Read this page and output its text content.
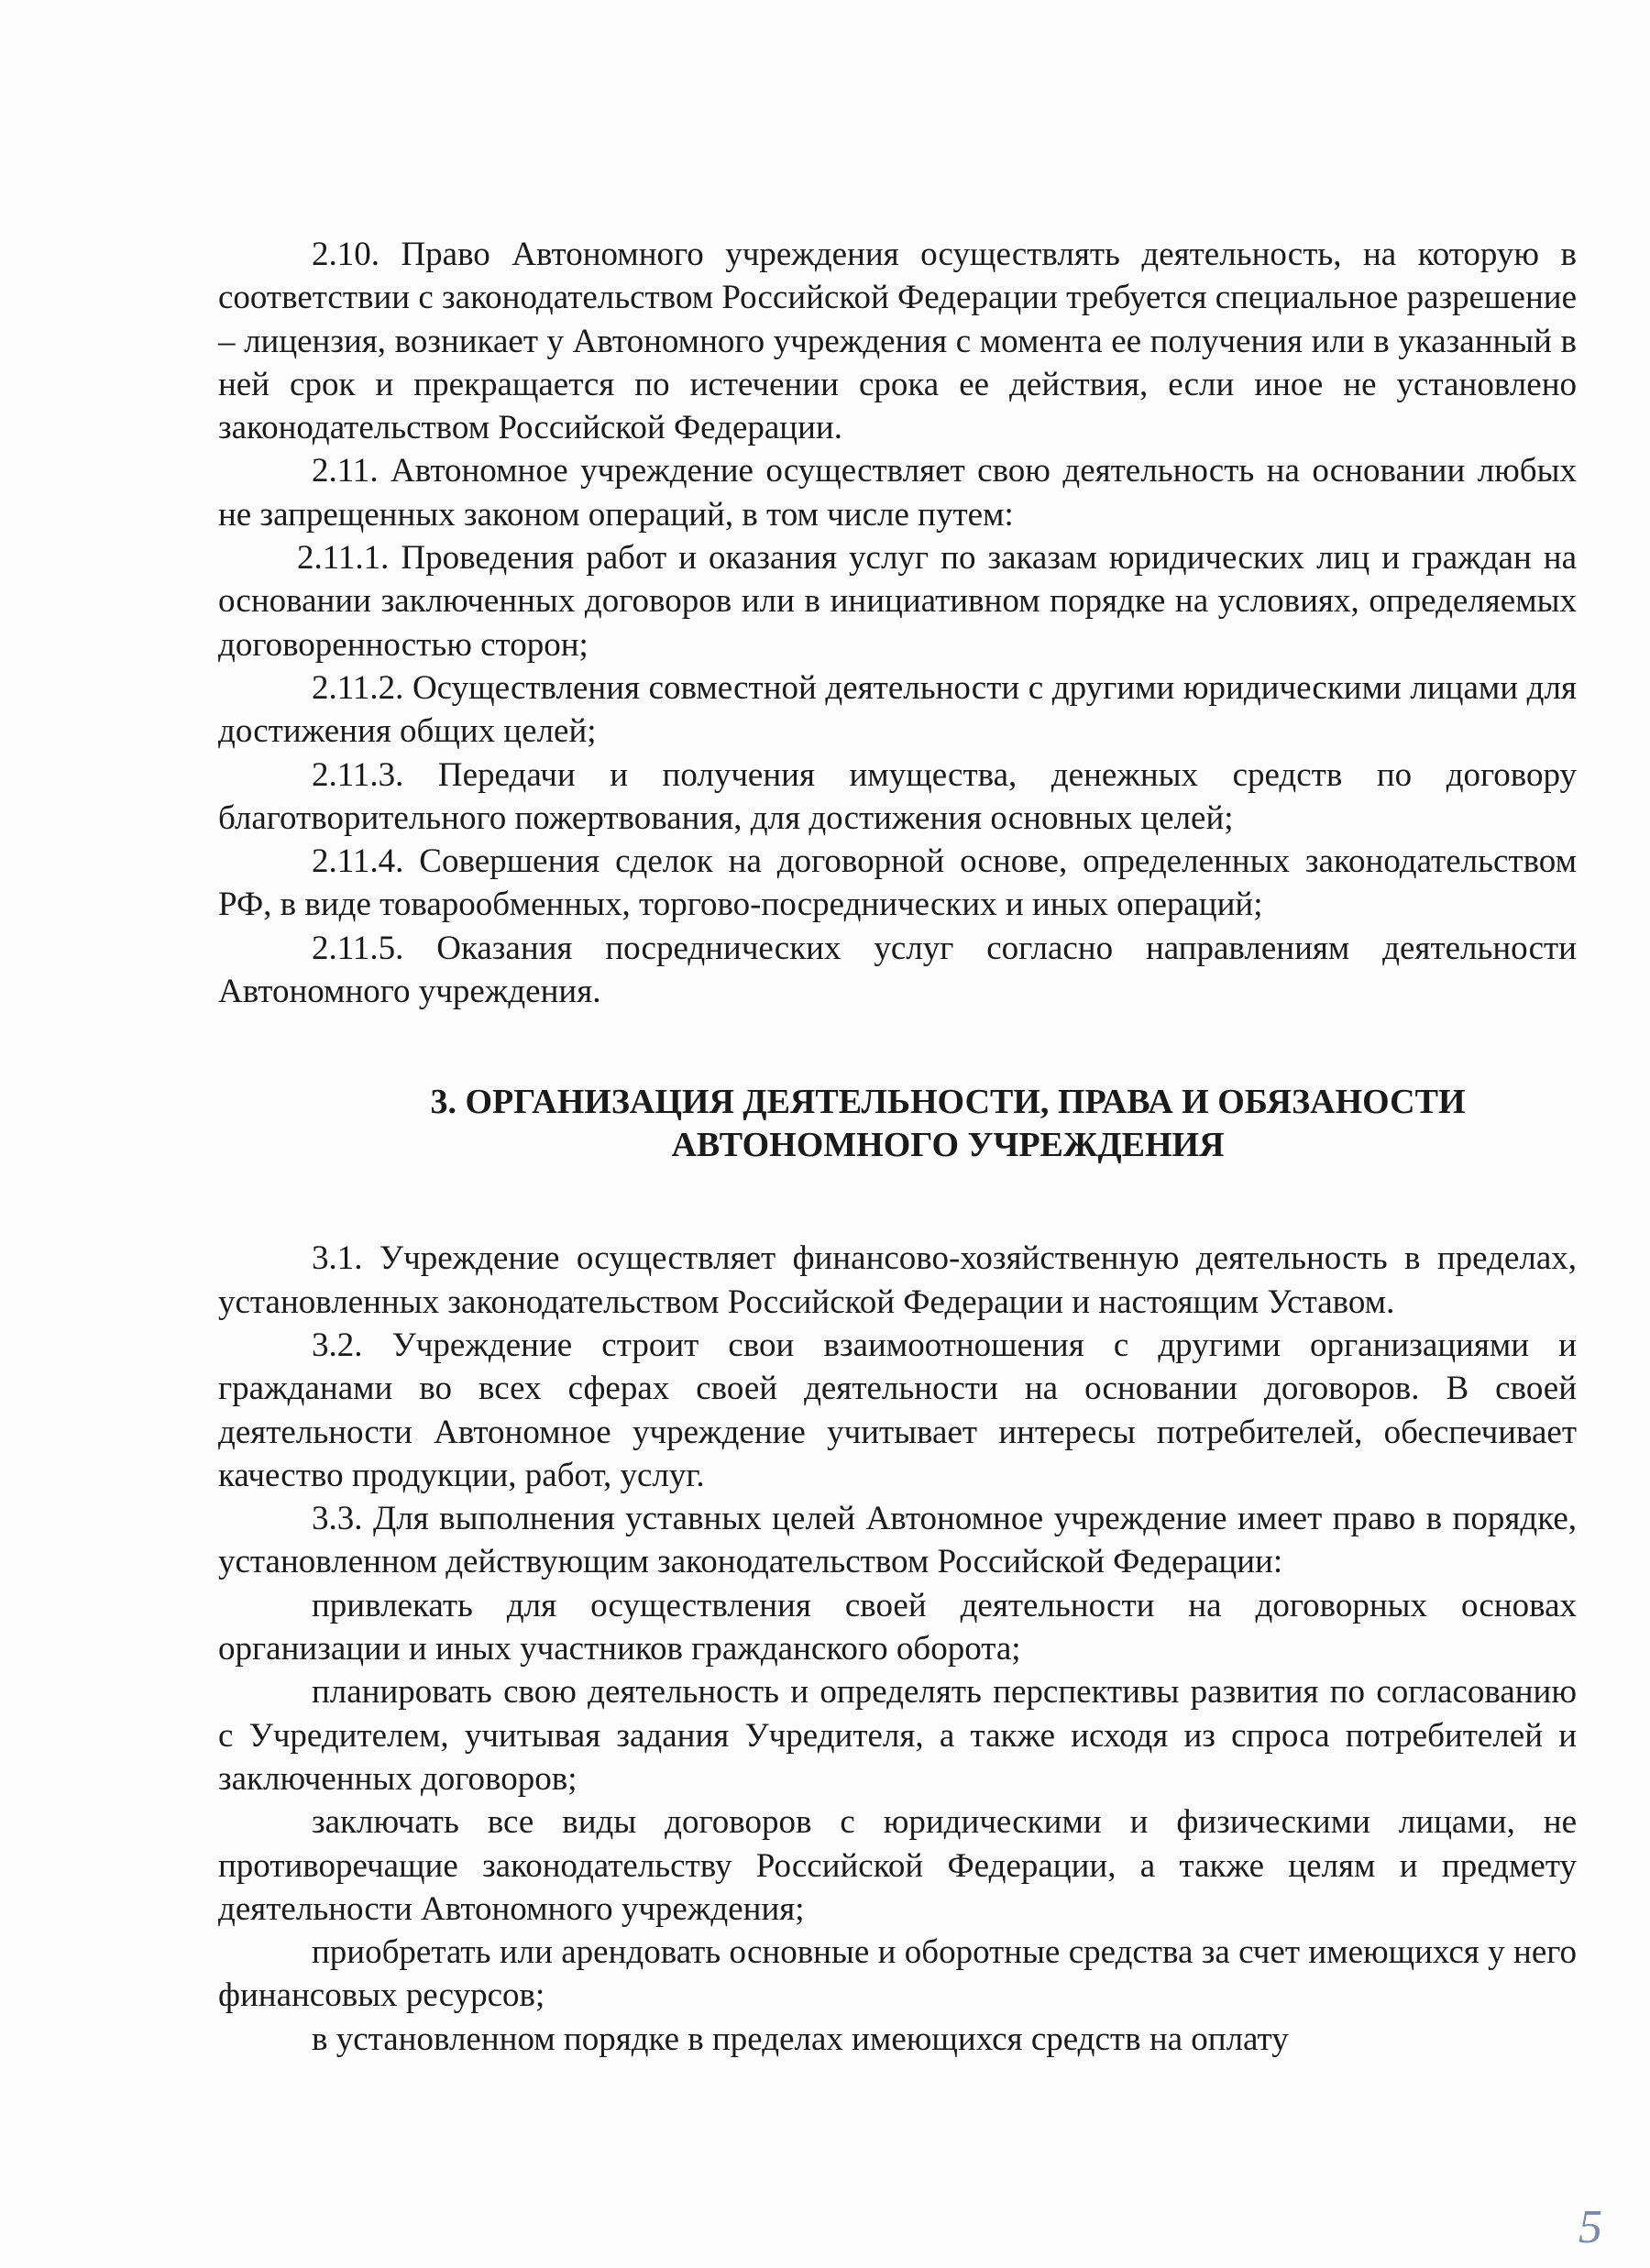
2.10. Право Автономного учреждения осуществлять деятельность, на которую в соответствии с законодательством Российской Федерации требуется специальное разрешение – лицензия, возникает у Автономного учреждения с момента ее получения или в указанный в ней срок и прекращается по истечении срока ее действия, если иное не установлено законодательством Российской Федерации.

2.11. Автономное учреждение осуществляет свою деятельность на основании любых не запрещенных законом операций, в том числе путем:

2.11.1. Проведения работ и оказания услуг по заказам юридических лиц и граждан на основании заключенных договоров или в инициативном порядке на условиях, определяемых договоренностью сторон;

2.11.2. Осуществления совместной деятельности с другими юридическими лицами для достижения общих целей;

2.11.3. Передачи и получения имущества, денежных средств по договору благотворительного пожертвования, для достижения основных целей;

2.11.4. Совершения сделок на договорной основе, определенных законодательством РФ, в виде товарообменных, торгово-посреднических и иных операций;

2.11.5. Оказания посреднических услуг согласно направлениям деятельности Автономного учреждения.

3. ОРГАНИЗАЦИЯ ДЕЯТЕЛЬНОСТИ, ПРАВА И ОБЯЗАНОСТИ
АВТОНОМНОГО УЧРЕЖДЕНИЯ

3.1. Учреждение осуществляет финансово-хозяйственную деятельность в пределах, установленных законодательством Российской Федерации и настоящим Уставом.

3.2. Учреждение строит свои взаимоотношения с другими организациями и гражданами во всех сферах своей деятельности на основании договоров. В своей деятельности Автономное учреждение учитывает интересы потребителей, обеспечивает качество продукции, работ, услуг.

3.3. Для выполнения уставных целей Автономное учреждение имеет право в порядке, установленном действующим законодательством Российской Федерации:

привлекать для осуществления своей деятельности на договорных основах организации и иных участников гражданского оборота;

планировать свою деятельность и определять перспективы развития по согласованию с Учредителем, учитывая задания Учредителя, а также исходя из спроса потребителей и заключенных договоров;

заключать все виды договоров с юридическими и физическими лицами, не противоречащие законодательству Российской Федерации, а также целям и предмету деятельности Автономного учреждения;

приобретать или арендовать основные и оборотные средства за счет имеющихся у него финансовых ресурсов;

в установленном порядке в пределах имеющихся средств на оплату

5
